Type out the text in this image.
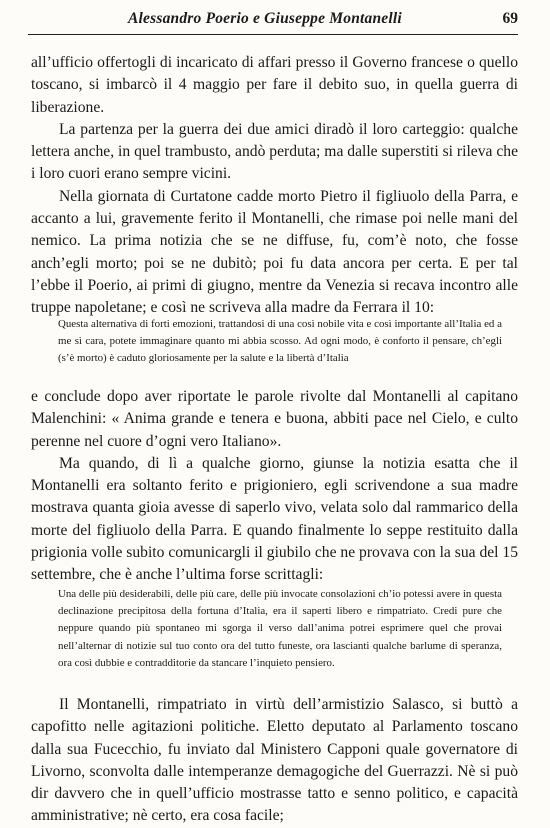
Alessandro Poerio e Giuseppe Montanelli	69

all’ufficio offertogli di incaricato di affari presso il Governo francese o quello toscano, si imbarcò il 4 maggio per fare il debito suo, in quella guerra di liberazione.

La partenza per la guerra dei due amici diradò il loro carteggio: qualche lettera anche, in quel trambusto, andò perduta; ma dalle superstiti si rileva che i loro cuori erano sempre vicini.

Nella giornata di Curtatone cadde morto Pietro il figliuolo della Parra, e accanto a lui, gravemente ferito il Montanelli, che rimase poi nelle mani del nemico. La prima notizia che se ne diffuse, fu, com’è noto, che fosse anch’egli morto; poi se ne dubitò; poi fu data ancora per certa. E per tal l’ebbe il Poerio, ai primi di giugno, mentre da Venezia si recava incontro alle truppe napoletane; e così ne scriveva alla madre da Ferrara il 10:

Questa alternativa di forti emozioni, trattandosi di una così nobile vita e così importante all’Italia ed a me sì cara, potete immaginare quanto mi abbia scosso. Ad ogni modo, è conforto il pensare, ch’egli (s’è morto) è caduto gloriosamente per la salute e la libertà d’Italia

e conclude dopo aver riportate le parole rivolte dal Montanelli al capitano Malenchini: « Anima grande e tenera e buona, abbiti pace nel Cielo, e culto perenne nel cuore d’ogni vero Italiano».

Ma quando, di lì a qualche giorno, giunse la notizia esatta che il Montanelli era soltanto ferito e prigioniero, egli scrivendone a sua madre mostrava quanta gioia avesse di saperlo vivo, velata solo dal rammarico della morte del figliuolo della Parra. E quando finalmente lo seppe restituito dalla prigionia volle subito comunicargli il giubilo che ne provava con la sua del 15 settembre, che è anche l’ultima forse scrittagli:

Una delle più desiderabili, delle più care, delle più invocate consolazioni ch’io potessi avere in questa declinazione precipitosa della fortuna d’Italia, era il saperti libero e rimpatriato. Credi pure che neppure quando più spontaneo mi sgorga il verso dall’anima potrei esprimere quel che provai nell’alternar di notizie sul tuo conto ora del tutto funeste, ora lascianti qualche barlume di speranza, ora così dubbie e contradditorie da stancare l’inquieto pensiero.

Il Montanelli, rimpatriato in virtù dell’armistizio Salasco, si buttò a capofitto nelle agitazioni politiche. Eletto deputato al Parlamento toscano dalla sua Fucecchio, fu inviato dal Ministero Capponi quale governatore di Livorno, sconvolta dalle intemperanze demagogiche del Guerrazzi. Nè si può dir davvero che in quell’ufficio mostrasse tatto e senno politico, e capacità amministrative; nè certo, era cosa facile;
